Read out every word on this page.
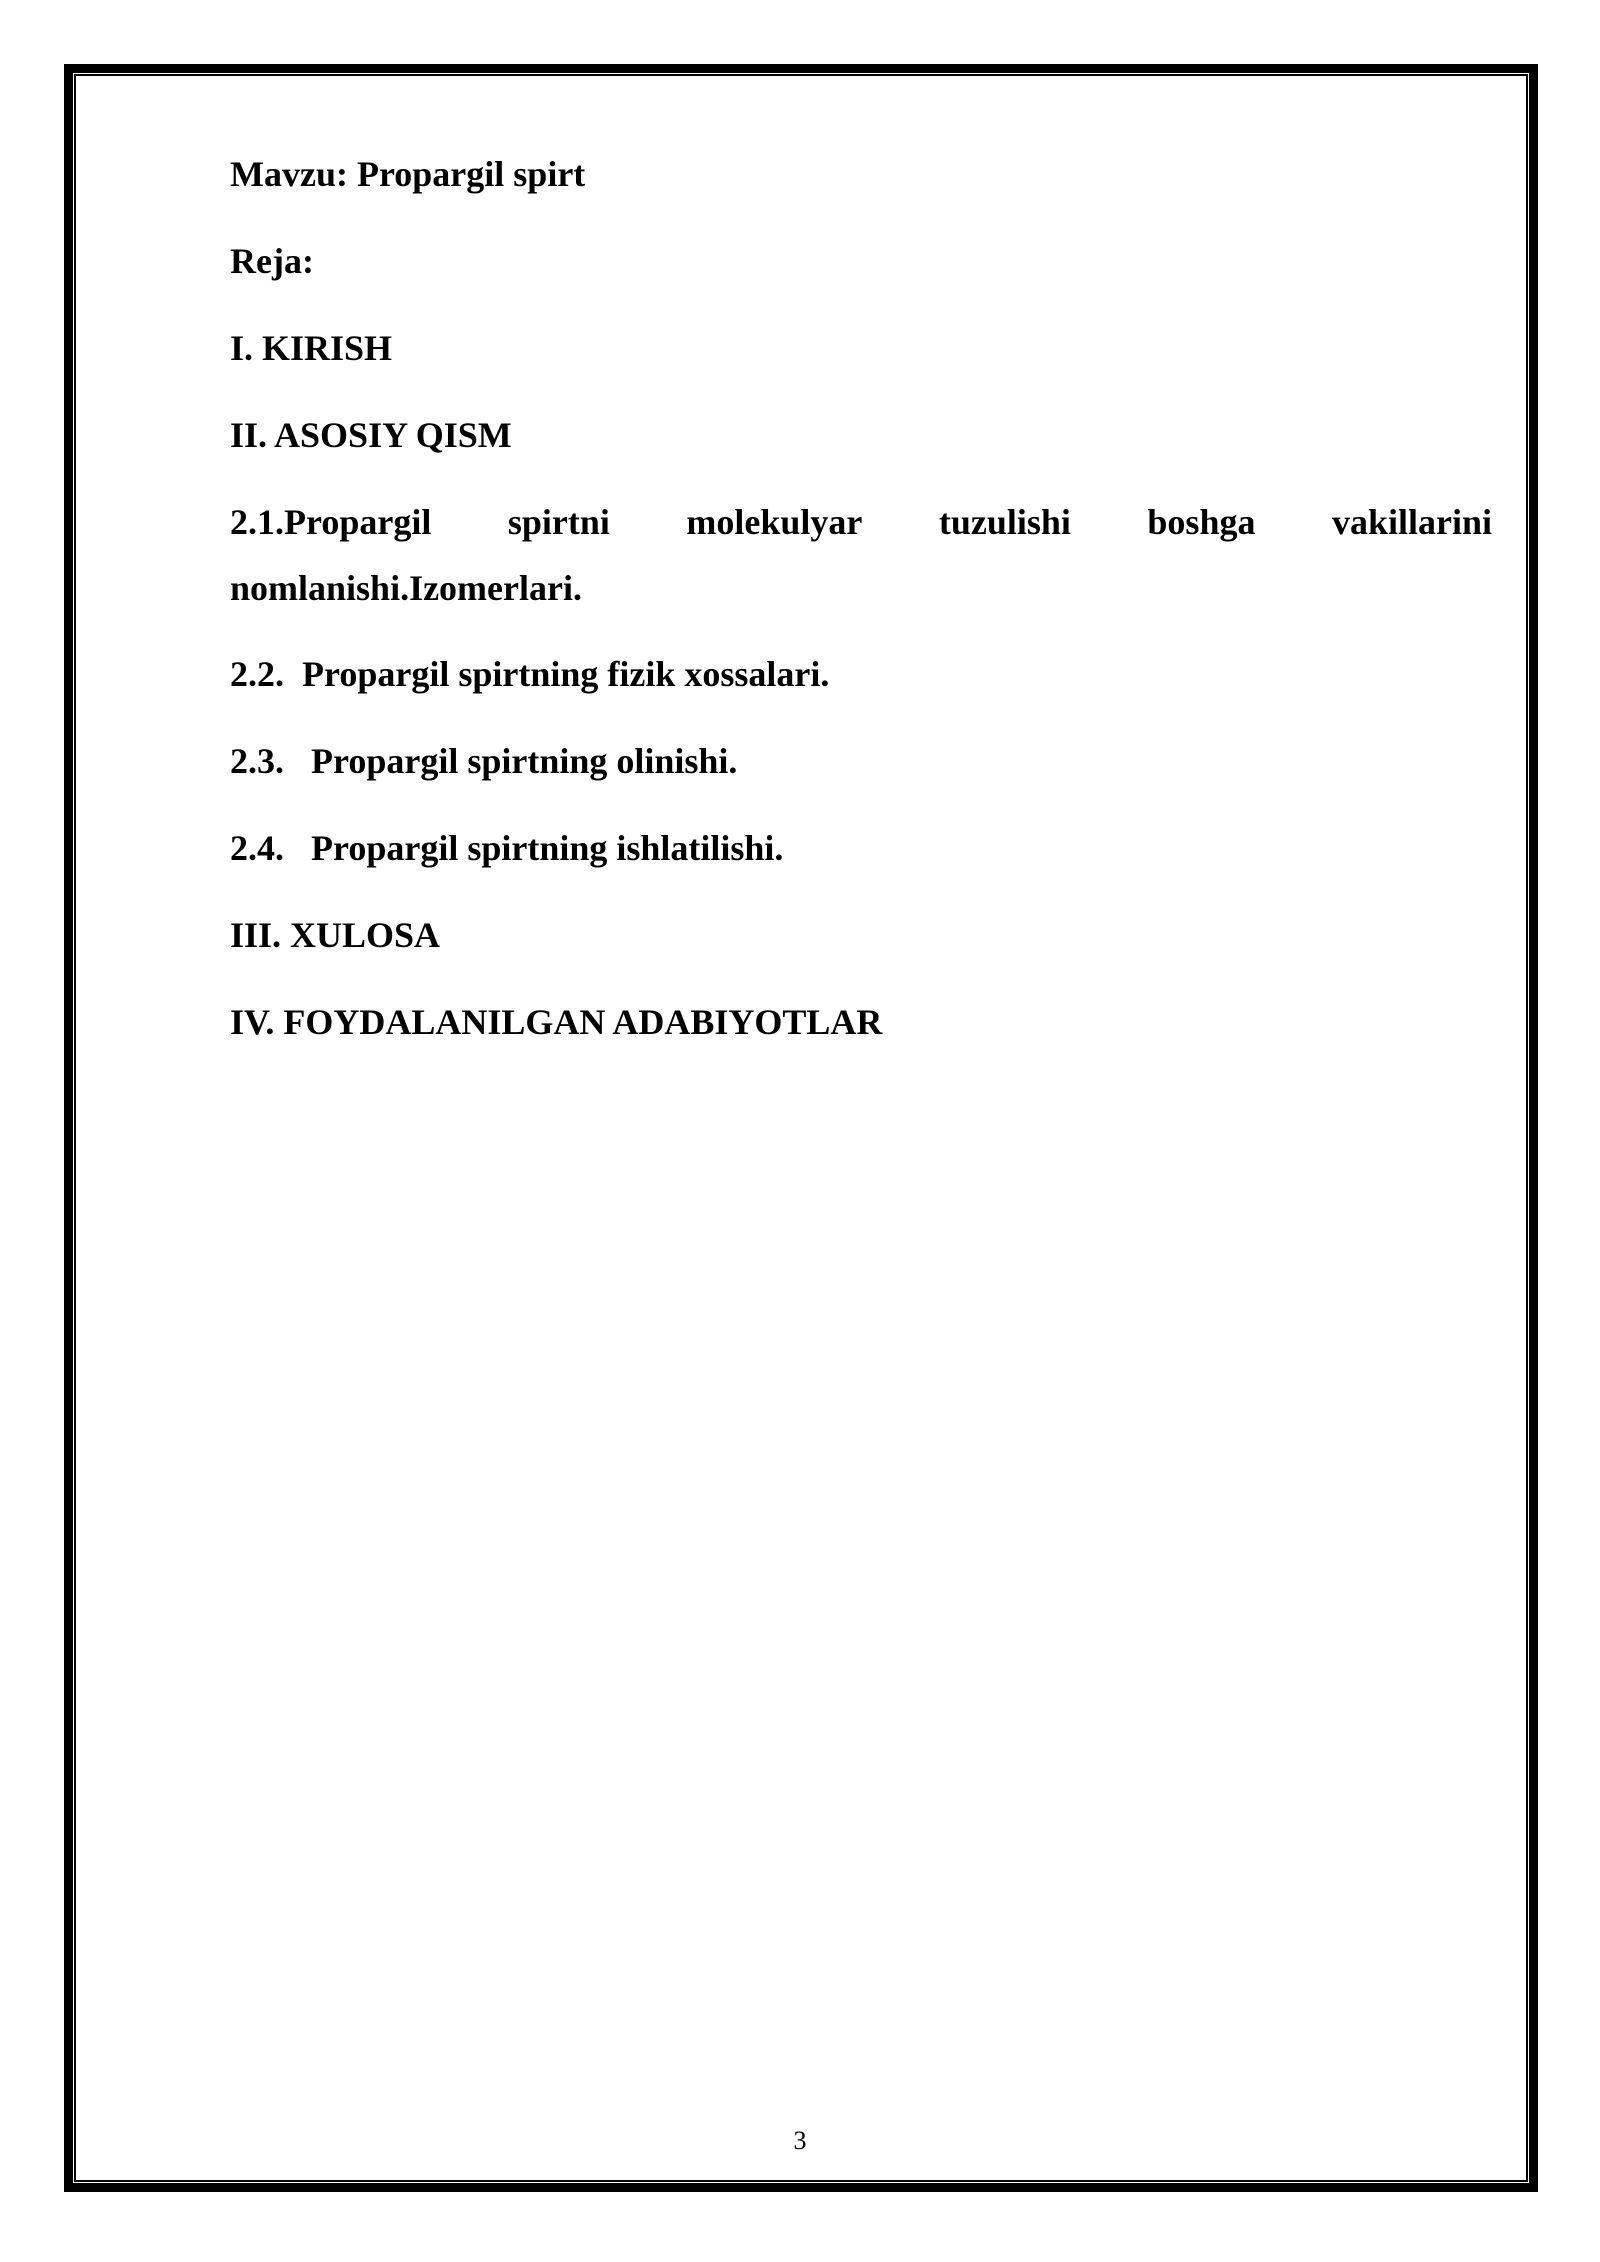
Mavzu: Propargil spirt
Reja:
I. KIRISH
II. ASOSIY QISM
2.1.Propargil spirtni molekulyar tuzulishi boshga vakillarini
nomlanishi.Izomerlari.
2.2.  Propargil spirtning fizik xossalari.
2.3.   Propargil spirtning olinishi.
2.4.   Propargil spirtning ishlatilishi.
III. XULOSA
IV. FOYDALANILGAN ADABIYOTLAR
3
